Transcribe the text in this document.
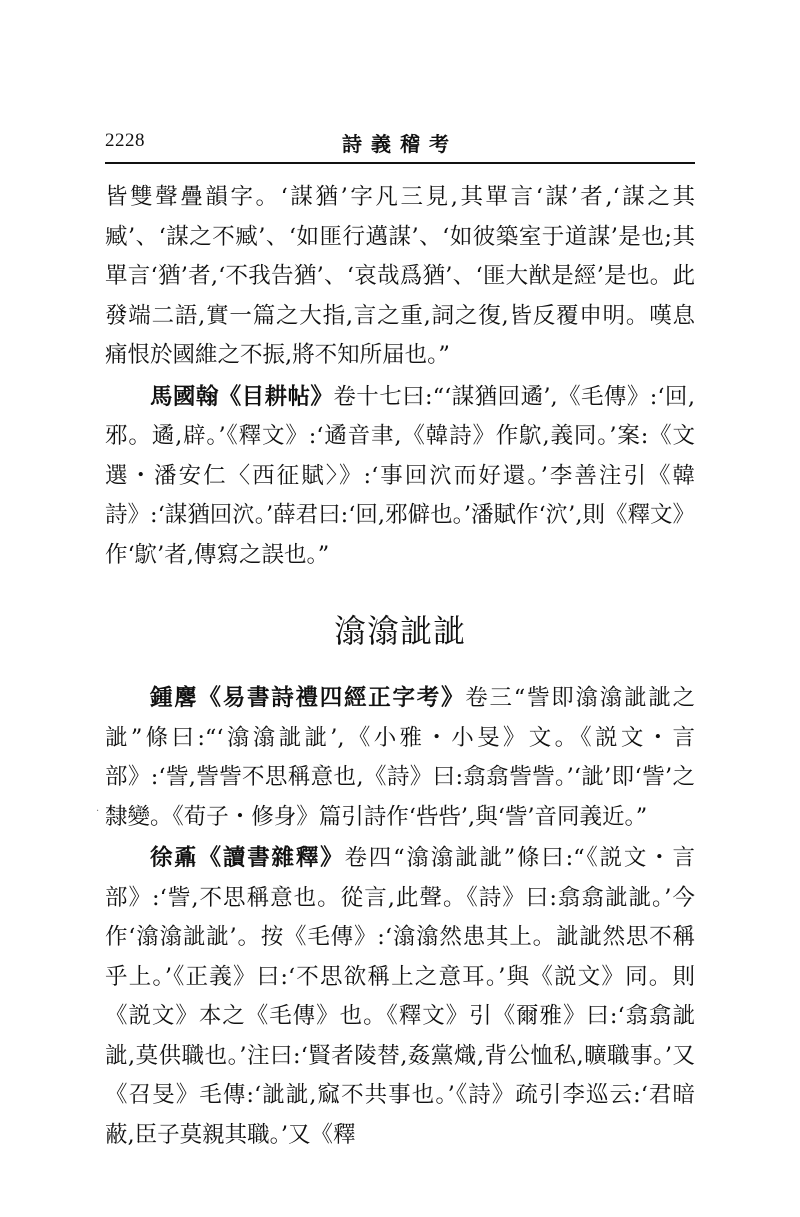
2228	詩義稽考
·

皆雙聲疊韻字。‘謀猶’字凡三見,其單言‘謀’者,‘謀之其臧’、‘謀之不臧’、‘如匪行邁謀’、‘如彼築室于道謀’是也;其單言‘猶’者,‘不我告猶’、‘哀哉爲猶’、‘匪大猷是經’是也。此發端二語,實一篇之大指,言之重,詞之復,皆反覆申明。嘆息痛恨於國維之不振,將不知所届也。”

馬國翰《目耕帖》卷十七曰:“‘謀猶回遹’,《毛傳》:‘回,邪。遹,辟。’《釋文》:‘遹音聿,《韓詩》作鴥,義同。’案:《文選・潘安仁〈西征賦〉》:‘事回泬而好還。’李善注引《韓詩》:‘謀猶回泬。’薛君曰:‘回,邪僻也。’潘賦作‘泬’,則《釋文》作‘鴥’者,傳寫之誤也。”

潝潝訿訿

鍾麐《易書詩禮四經正字考》卷三“訾即潝潝訿訿之訿”條曰:“‘潝潝訿訿’,《小雅・小旻》文。《説文・言部》:‘訾,訾訾不思稱意也,《詩》曰:翕翕訾訾。’‘訿’即‘訾’之隸變。《荀子・修身》篇引詩作‘呰呰’,與‘訾’音同義近。”

徐鼒《讀書雜釋》卷四“潝潝訿訿”條曰:“《説文・言部》:‘訾,不思稱意也。從言,此聲。《詩》曰:翕翕訿訿。’今作‘潝潝訿訿’。按《毛傳》:‘潝潝然患其上。訿訿然思不稱乎上。’《正義》曰:‘不思欲稱上之意耳。’與《説文》同。則《説文》本之《毛傳》也。《釋文》引《爾雅》曰:‘翕翕訿訿,莫供職也。’注曰:‘賢者陵替,姦黨熾,背公恤私,曠職事。’又《召旻》毛傳:‘訿訿,窳不共事也。’《詩》疏引李巡云:‘君暗蔽,臣子莫親其職。’又《釋
